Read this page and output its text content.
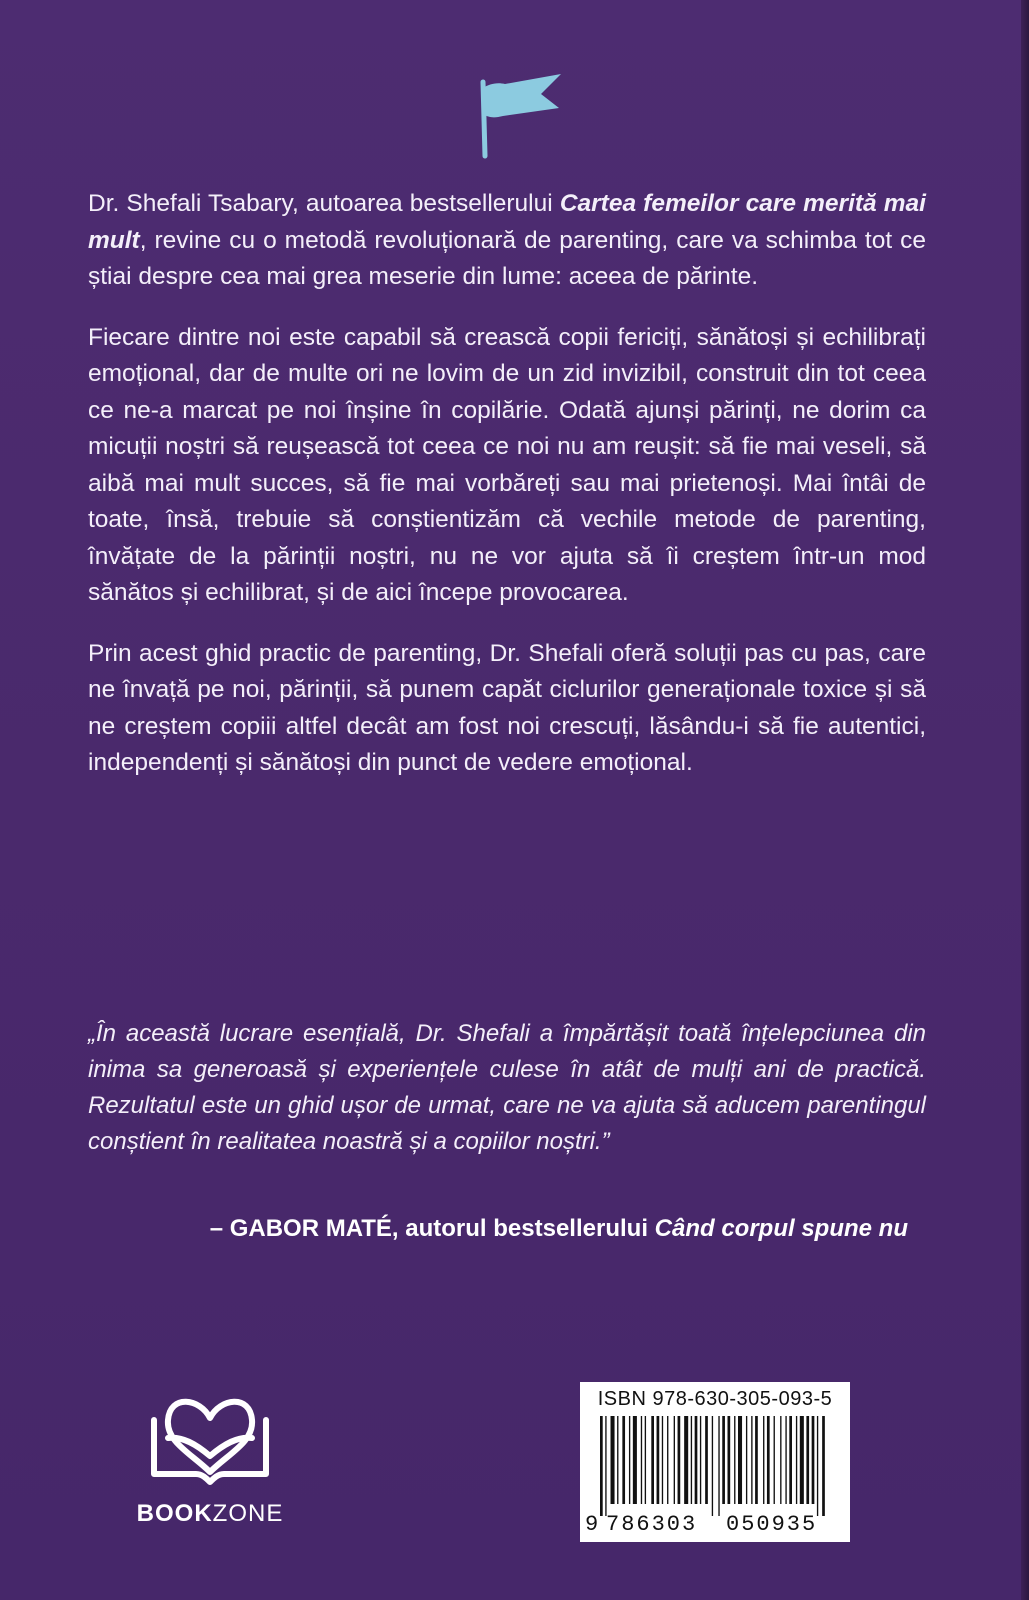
Dr. Shefali Tsabary, autoarea bestsellerului Cartea femeilor care merită mai mult, revine cu o metodă revoluționară de parenting, care va schimba tot ce știai despre cea mai grea meserie din lume: aceea de părinte.

Fiecare dintre noi este capabil să crească copii fericiți, sănătoși și echilibrați emoțional, dar de multe ori ne lovim de un zid invizibil, construit din tot ceea ce ne-a marcat pe noi înșine în copilărie. Odată ajunși părinți, ne dorim ca micuții noștri să reușească tot ceea ce noi nu am reușit: să fie mai veseli, să aibă mai mult succes, să fie mai vorbăreți sau mai prietenoși. Mai întâi de toate, însă, trebuie să conștientizăm că vechile metode de parenting, învățate de la părinții noștri, nu ne vor ajuta să îi creștem într-un mod sănătos și echilibrat, și de aici începe provocarea.

Prin acest ghid practic de parenting, Dr. Shefali oferă soluții pas cu pas, care ne învață pe noi, părinții, să punem capăt ciclurilor generaționale toxice și să ne creștem copiii altfel decât am fost noi crescuți, lăsându-i să fie autentici, independenți și sănătoși din punct de vedere emoțional.

„În această lucrare esențială, Dr. Shefali a împărtășit toată înțelepciunea din inima sa generoasă și experiențele culese în atât de mulți ani de practică. Rezultatul este un ghid ușor de urmat, care ne va ajuta să aducem parentingul conștient în realitatea noastră și a copiilor noștri.”

– GABOR MATÉ, autorul bestsellerului Când corpul spune nu
BOOKZONE
ISBN 978-630-305-093-5
9 786303 050935
